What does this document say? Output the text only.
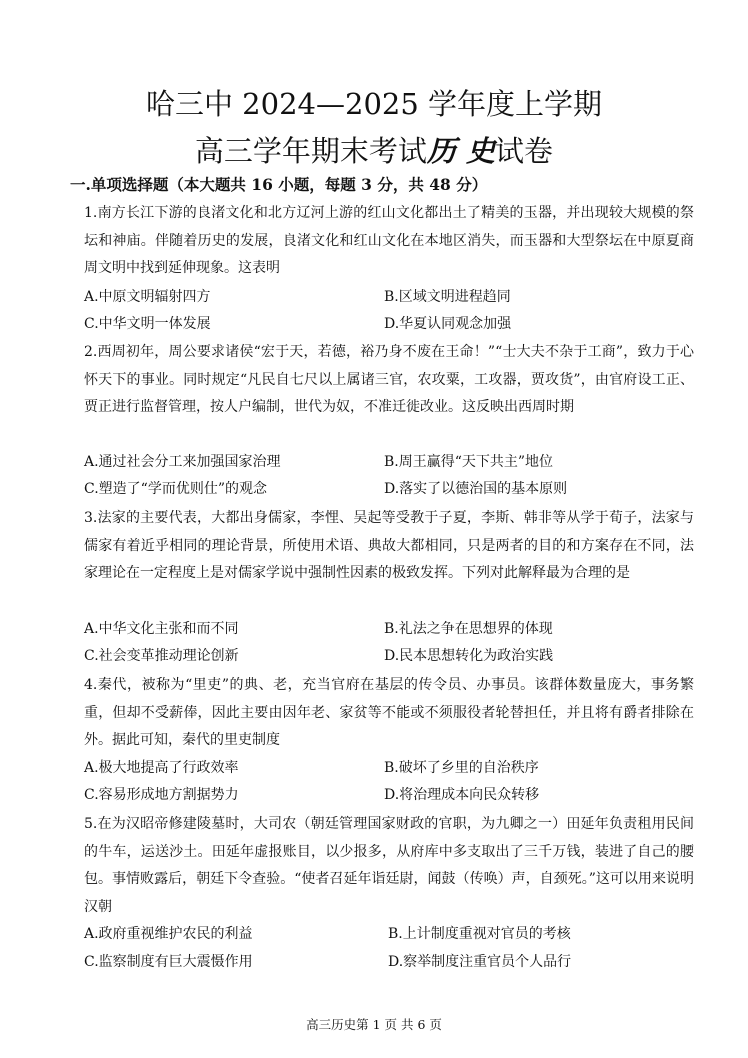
哈三中 2024—2025 学年度上学期
高三学年期末考试历 史试卷
一.单项选择题（本大题共 16 小题，每题 3 分，共 48 分）
1.南方长江下游的良渚文化和北方辽河上游的红山文化都出土了精美的玉器，并出现较大规模的祭坛和神庙。伴随着历史的发展，良渚文化和红山文化在本地区消失，而玉器和大型祭坛在中原夏商周文明中找到延伸现象。这表明
A.中原文明辐射四方	B.区域文明进程趋同
C.中华文明一体发展	D.华夏认同观念加强
2.西周初年，周公要求诸侯“宏于天，若德，裕乃身不废在王命！”“士大夫不杂于工商”，致力于心怀天下的事业。同时规定“凡民自七尺以上属诸三官，农攻粟，工攻器，贾攻货”，由官府设工正、贾正进行监督管理，按人户编制，世代为奴，不准迁徙改业。这反映出西周时期
A.通过社会分工来加强国家治理	B.周王赢得“天下共主”地位
C.塑造了“学而优则仕”的观念	D.落实了以德治国的基本原则
3.法家的主要代表，大都出身儒家，李悝、吴起等受教于子夏，李斯、韩非等从学于荀子，法家与儒家有着近乎相同的理论背景，所使用术语、典故大都相同，只是两者的目的和方案存在不同，法家理论在一定程度上是对儒家学说中强制性因素的极致发挥。下列对此解释最为合理的是
A.中华文化主张和而不同	B.礼法之争在思想界的体现
C.社会变革推动理论创新	D.民本思想转化为政治实践
4.秦代，被称为“里吏”的典、老，充当官府在基层的传令员、办事员。该群体数量庞大，事务繁重，但却不受薪俸，因此主要由因年老、家贫等不能或不须服役者轮替担任，并且将有爵者排除在外。据此可知，秦代的里吏制度
A.极大地提高了行政效率	B.破坏了乡里的自治秩序
C.容易形成地方割据势力	D.将治理成本向民众转移
5.在为汉昭帝修建陵墓时，大司农（朝廷管理国家财政的官职，为九卿之一）田延年负责租用民间的牛车，运送沙土。田延年虚报账目，以少报多，从府库中多支取出了三千万钱，装进了自己的腰包。事情败露后，朝廷下令查验。“使者召延年诣廷尉，闻鼓（传唤）声，自颈死。”这可以用来说明汉朝
A.政府重视维护农民的利益	B.上计制度重视对官员的考核
C.监察制度有巨大震慑作用	D.察举制度注重官员个人品行
高三历史第 1 页 共 6 页
